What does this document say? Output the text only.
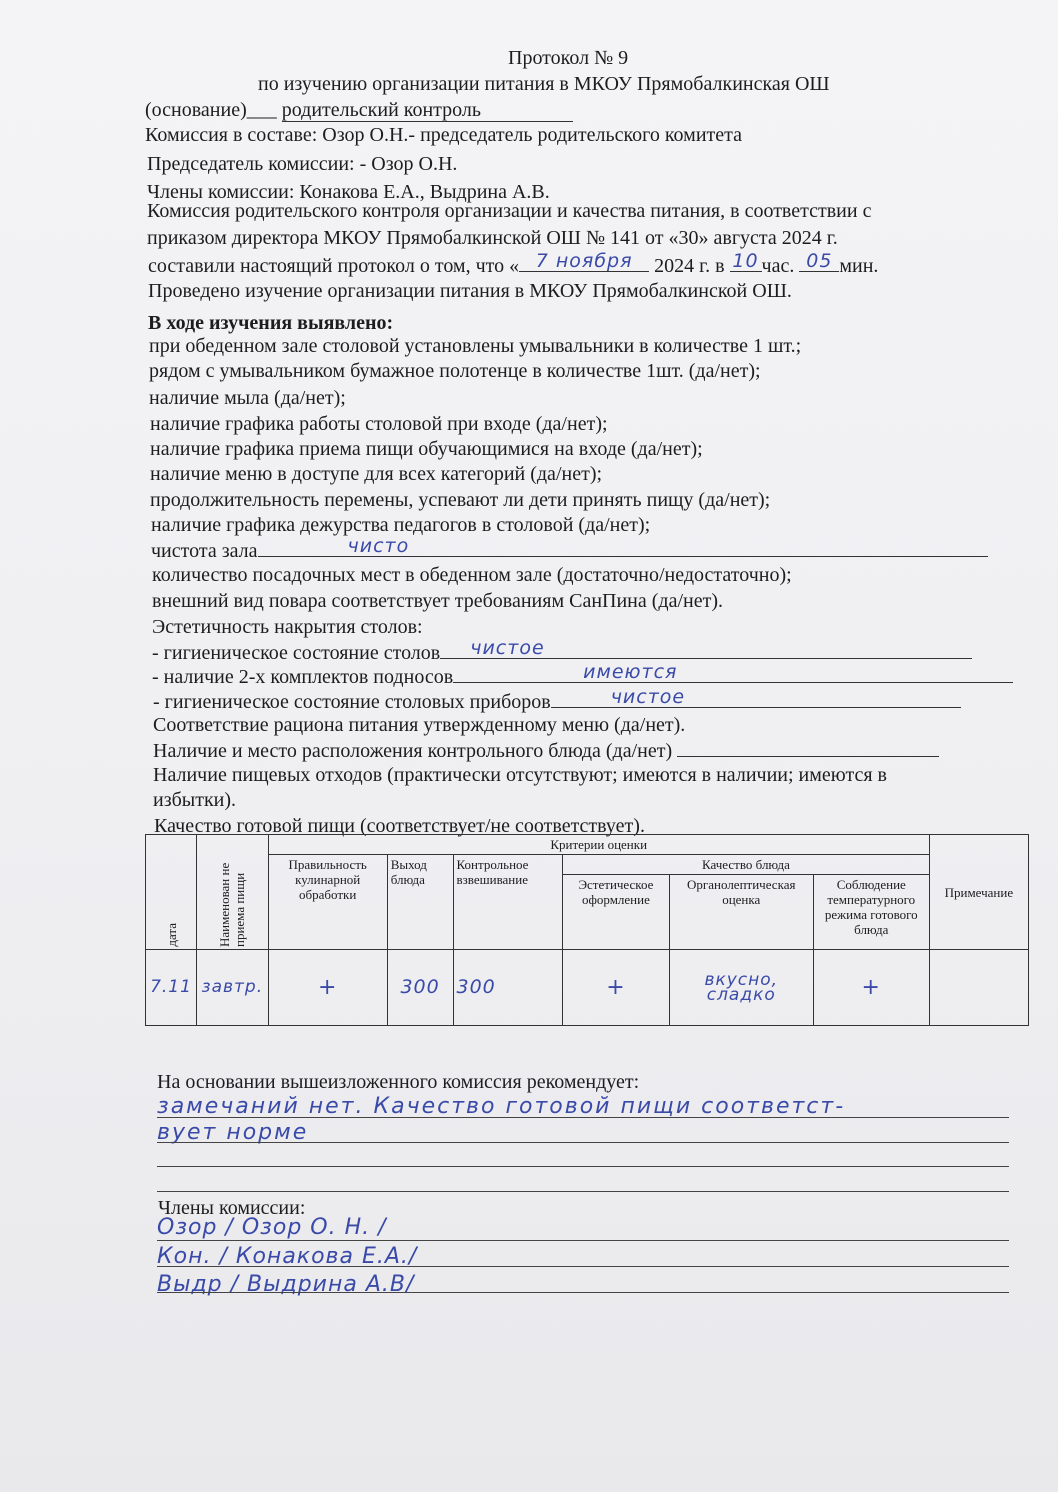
Протокол № 9
по изучению организации питания в МКОУ Прямобалкинская ОШ
(основание)___ родительский контроль
Комиссия в составе: Озор О.Н.- председатель родительского комитета
Председатель комиссии: - Озор О.Н.
Члены комиссии: Конакова Е.А., Выдрина А.В.
Комиссия родительского контроля организации и качества питания, в соответствии с
приказом директора МКОУ Прямобалкинской ОШ № 141 от «30» августа 2024 г.
составили настоящий протокол о том, что « 7 ноября	2024 г. в 10 час. 05 мин.
Проведено изучение организации питания в МКОУ Прямобалкинской ОШ.
В ходе изучения выявлено:
при обеденном зале столовой установлены умывальники в количестве 1 шт.;
рядом с умывальником бумажное полотенце в количестве 1шт. (да/нет);
наличие мыла (да/нет);
наличие графика работы столовой при входе (да/нет);
наличие графика приема пищи обучающимися на входе (да/нет);
наличие меню в доступе для всех категорий (да/нет);
продолжительность перемены, успевают ли дети принять пищу (да/нет);
наличие графика дежурства педагогов в столовой (да/нет);
чистота зала	чисто
количество посадочных мест в обеденном зале (достаточно/недостаточно);
внешний вид повара соответствует требованиям СанПина (да/нет).
Эстетичность накрытия столов:
- гигиеническое состояние столов	чистое
- наличие 2-х комплектов подносов	имеются
- гигиеническое состояние столовых приборов	чистое
Соответствие рациона питания утвержденному меню (да/нет).
Наличие и место расположения контрольного блюда (да/нет)
Наличие пищевых отходов (практически отсутствуют; имеются в наличии; имеются в
избытки).
Качество готовой пищи (соответствует/не соответствует).
дата	Наименован не приема пищи	Критерии оценки						Примечание
		Правильность кулинарной обработки	Выход блюда	Контрольное взвешивание	Качество блюда			
					Эстетическое оформление	Органолептическая оценка	Соблюдение температурного режима готового блюда	
7.11	завтр.	+	300	300	+	вкусно, сладко	+	
На основании вышеизложенного комиссия рекомендует:
замечаний нет. Качество готовой пищи соответст-
вует норме
Члены комиссии:
Озор / Озор О. Н. /
Кон. / Конакова Е.А./
Выдр / Выдрина А.В/
